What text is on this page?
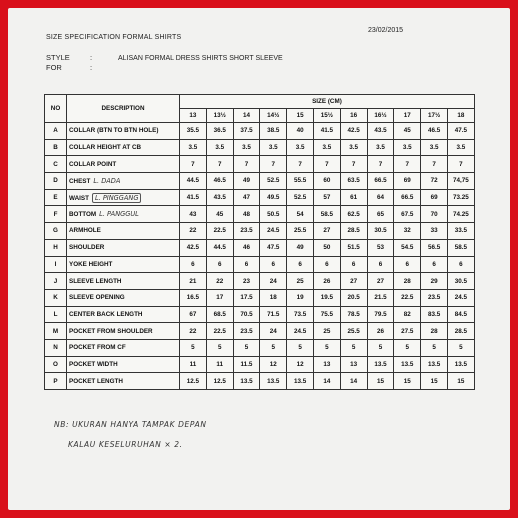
SIZE SPECIFICATION FORMAL SHIRTS
23/02/2015
STYLE	:	ALISAN FORMAL DRESS SHIRTS SHORT SLEEVE
FOR	:
NO	DESCRIPTION	SIZE (CM)										
		13	13½	14	14½	15	15½	16	16½	17	17½	18
A	COLLAR (BTN TO BTN HOLE)	35.5	36.5	37.5	38.5	40	41.5	42.5	43.5	45	46.5	47.5
B	COLLAR HEIGHT AT CB	3.5	3.5	3.5	3.5	3.5	3.5	3.5	3.5	3.5	3.5	3.5
C	COLLAR POINT	7	7	7	7	7	7	7	7	7	7	7
D	CHEST L. DADA	44.5	46.5	49	52.5	55.5	60	63.5	66.5	69	72	74,75
E	WAIST L. PINGGANG	41.5	43.5	47	49.5	52.5	57	61	64	66.5	69	73.25
F	BOTTOM L. PANGGUL	43	45	48	50.5	54	58.5	62.5	65	67.5	70	74.25
G	ARMHOLE	22	22.5	23.5	24.5	25.5	27	28.5	30.5	32	33	33.5
H	SHOULDER	42.5	44.5	46	47.5	49	50	51.5	53	54.5	56.5	58.5
I	YOKE HEIGHT	6	6	6	6	6	6	6	6	6	6	6
J	SLEEVE LENGTH	21	22	23	24	25	26	27	27	28	29	30.5
K	SLEEVE OPENING	16.5	17	17.5	18	19	19.5	20.5	21.5	22.5	23.5	24.5
L	CENTER BACK LENGTH	67	68.5	70.5	71.5	73.5	75.5	78.5	79.5	82	83.5	84.5
M	POCKET FROM SHOULDER	22	22.5	23.5	24	24.5	25	25.5	26	27.5	28	28.5
N	POCKET FROM CF	5	5	5	5	5	5	5	5	5	5	5
O	POCKET WIDTH	11	11	11.5	12	12	13	13	13.5	13.5	13.5	13.5
P	POCKET LENGTH	12.5	12.5	13.5	13.5	13.5	14	14	15	15	15	15
NB: UKURAN HANYA TAMPAK DEPAN
KALAU KESELURUHAN × 2.
